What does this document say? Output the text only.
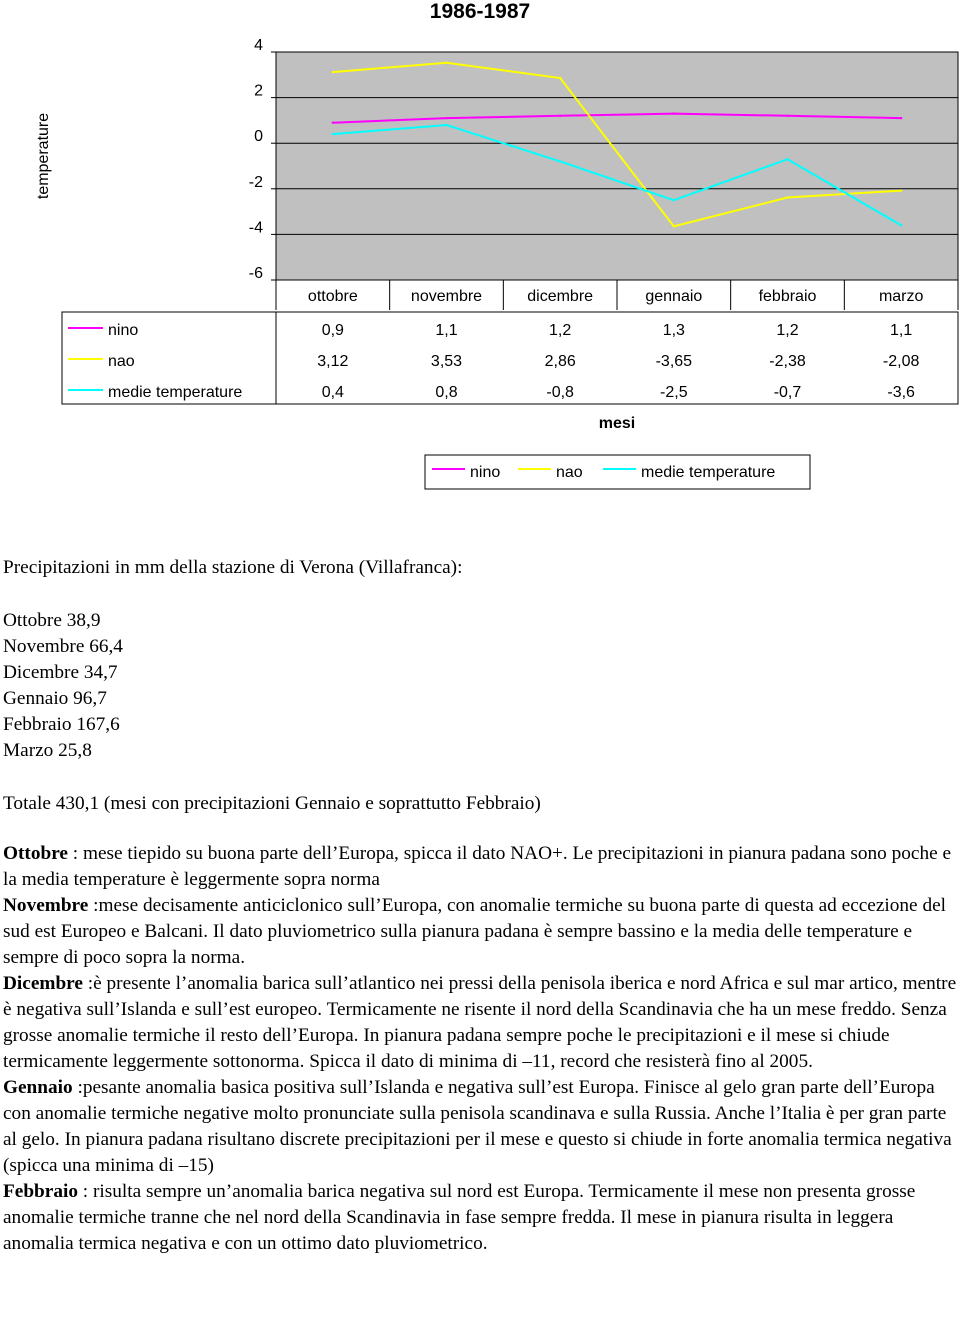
1986-1987
4
2
0
-2
-4
-6
temperature
ottobre	novembre	dicembre	gennaio	febbraio	marzo
nino	0,9	1,1	1,2	1,3	1,2	1,1
nao	3,12	3,53	2,86	-3,65	-2,38	-2,08
medie temperature	0,4	0,8	-0,8	-2,5	-0,7	-3,6
mesi
nino	nao	medie temperature

Precipitazioni in mm della stazione di Verona (Villafranca):

Ottobre 38,9

Novembre 66,4

Dicembre 34,7

Gennaio 96,7

Febbraio 167,6

Marzo 25,8

Totale 430,1 (mesi con precipitazioni Gennaio e soprattutto Febbraio)

Ottobre : mese tiepido su buona parte dell’Europa, spicca il dato NAO+. Le precipitazioni in pianura padana sono poche e la media temperature è leggermente sopra norma

Novembre :mese decisamente anticiclonico sull’Europa, con anomalie termiche su buona parte di questa ad eccezione del sud est Europeo e Balcani. Il dato pluviometrico sulla pianura padana è sempre bassino e la media delle temperature e sempre di poco sopra la norma.

Dicembre :è presente l’anomalia barica sull’atlantico nei pressi della penisola iberica e nord Africa e sul mar artico, mentre è negativa sull’Islanda e sull’est europeo. Termicamente ne risente il nord della Scandinavia che ha un mese freddo. Senza grosse anomalie termiche il resto dell’Europa. In pianura padana sempre poche le precipitazioni e il mese si chiude termicamente leggermente sottonorma. Spicca il dato di minima di –11, record che resisterà fino al 2005.

Gennaio :pesante anomalia basica positiva sull’Islanda e negativa sull’est Europa. Finisce al gelo gran parte dell’Europa con anomalie termiche negative molto pronunciate sulla penisola scandinava e sulla Russia. Anche l’Italia è per gran parte al gelo. In pianura padana risultano discrete precipitazioni per il mese e questo si chiude in forte anomalia termica negativa (spicca una minima di –15)

Febbraio : risulta sempre un’anomalia barica negativa sul nord est Europa. Termicamente il mese non presenta grosse anomalie termiche tranne che nel nord della Scandinavia in fase sempre fredda. Il mese in pianura risulta in leggera anomalia termica negativa e con un ottimo dato pluviometrico.
